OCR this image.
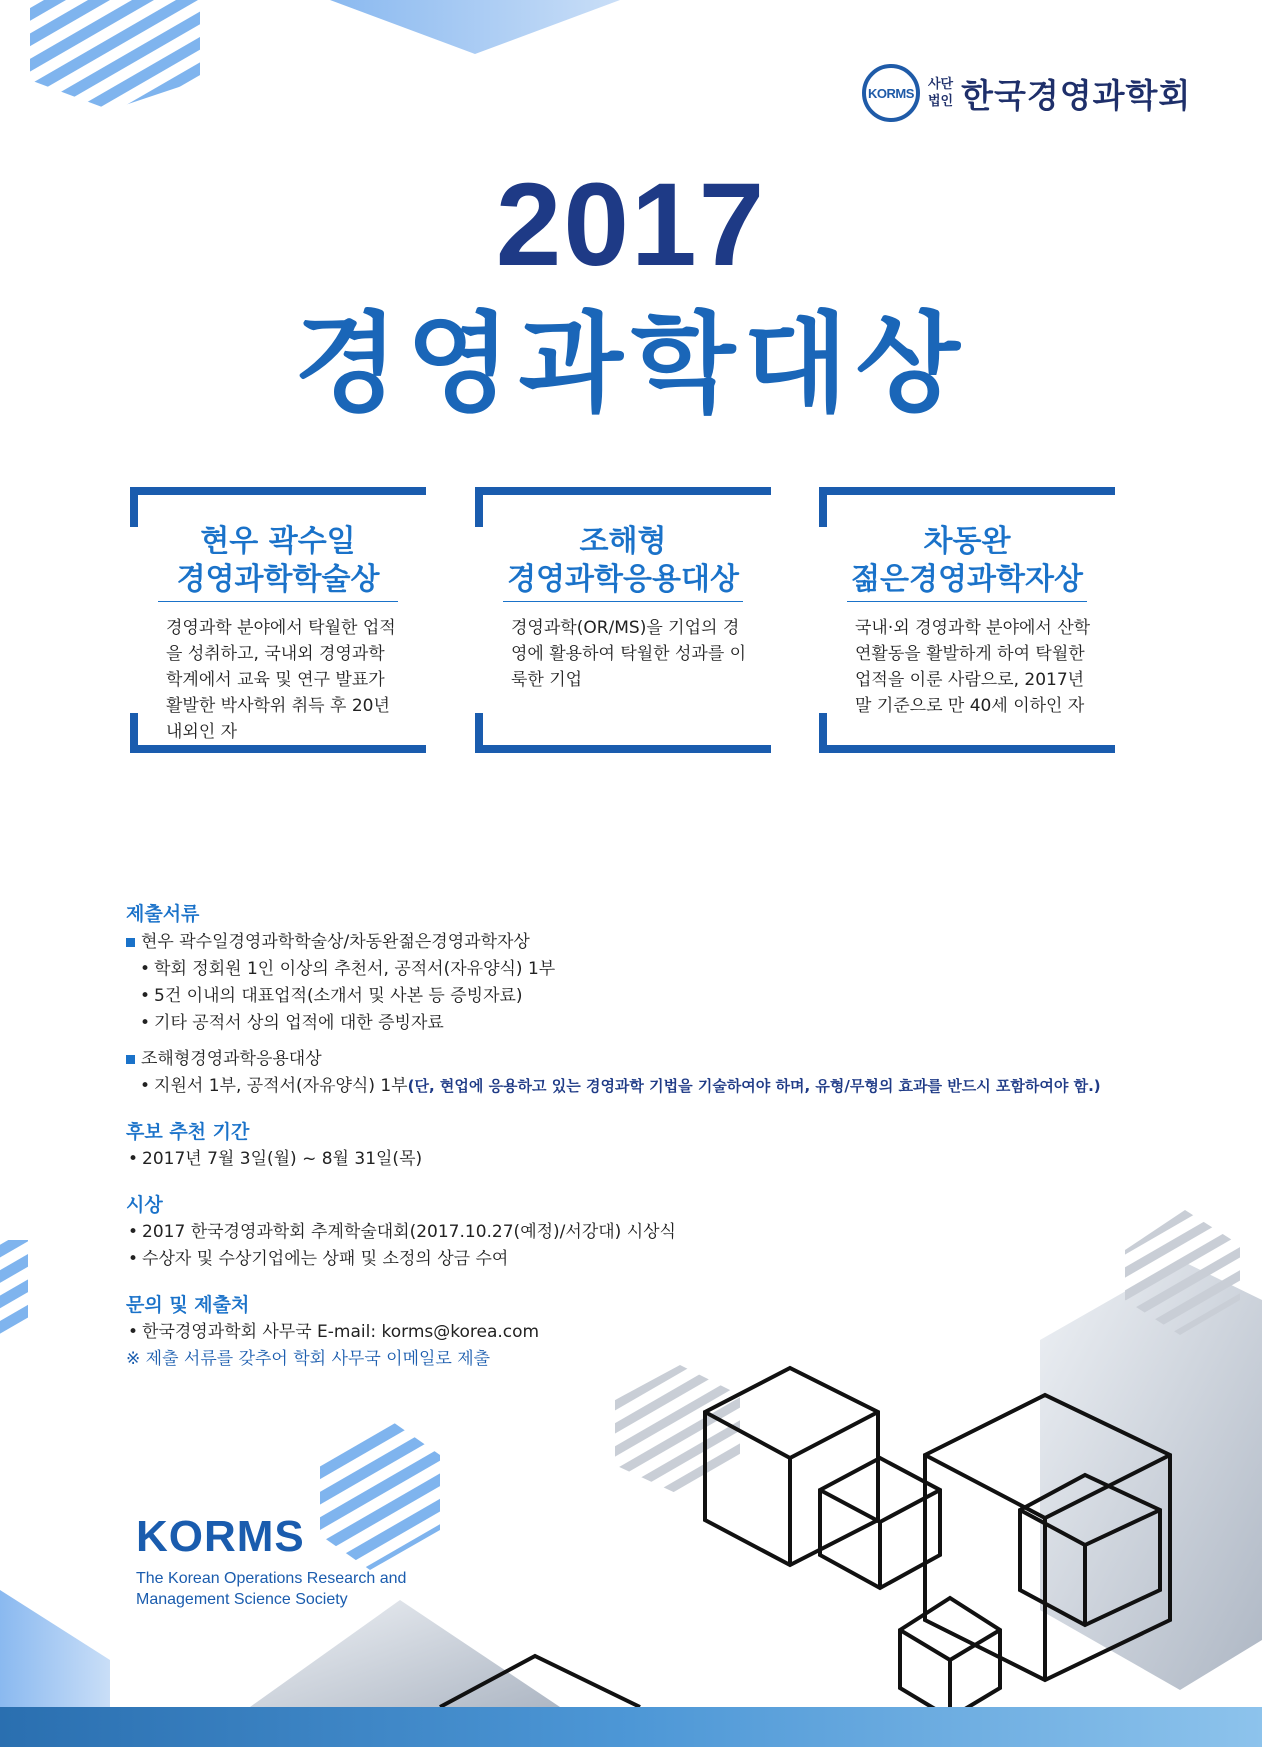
KORMS
사단
법인 한국경영과학회
2017
경영과학대상
현우 곽수일
경영과학학술상
경영과학 분야에서 탁월한 업적을 성취하고, 국내외 경영과학 학계에서 교육 및 연구 발표가 활발한 박사학위 취득 후 20년 내외인 자
조해형
경영과학응용대상
경영과학(OR/MS)을 기업의 경영에 활용하여 탁월한 성과를 이룩한 기업
차동완
젊은경영과학자상
국내·외 경영과학 분야에서 산학연활동을 활발하게 하여 탁월한 업적을 이룬 사람으로, 2017년 말 기준으로 만 40세 이하인 자
제출서류
현우 곽수일경영과학학술상/차동완젊은경영과학자상
• 학회 정회원 1인 이상의 추천서, 공적서(자유양식) 1부
• 5건 이내의 대표업적(소개서 및 사본 등 증빙자료)
• 기타 공적서 상의 업적에 대한 증빙자료
조해형경영과학응용대상
• 지원서 1부, 공적서(자유양식) 1부(단, 현업에 응용하고 있는 경영과학 기법을 기술하여야 하며, 유형/무형의 효과를 반드시 포함하여야 함.)
후보 추천 기간
• 2017년 7월 3일(월) ~ 8월 31일(목)
시상
• 2017 한국경영과학회 추계학술대회(2017.10.27(예정)/서강대) 시상식
• 수상자 및 수상기업에는 상패 및 소정의 상금 수여
문의 및 제출처
• 한국경영과학회 사무국 E-mail: korms@korea.com
※ 제출 서류를 갖추어 학회 사무국 이메일로 제출
KORMS
The Korean Operations Research and Management Science Society
